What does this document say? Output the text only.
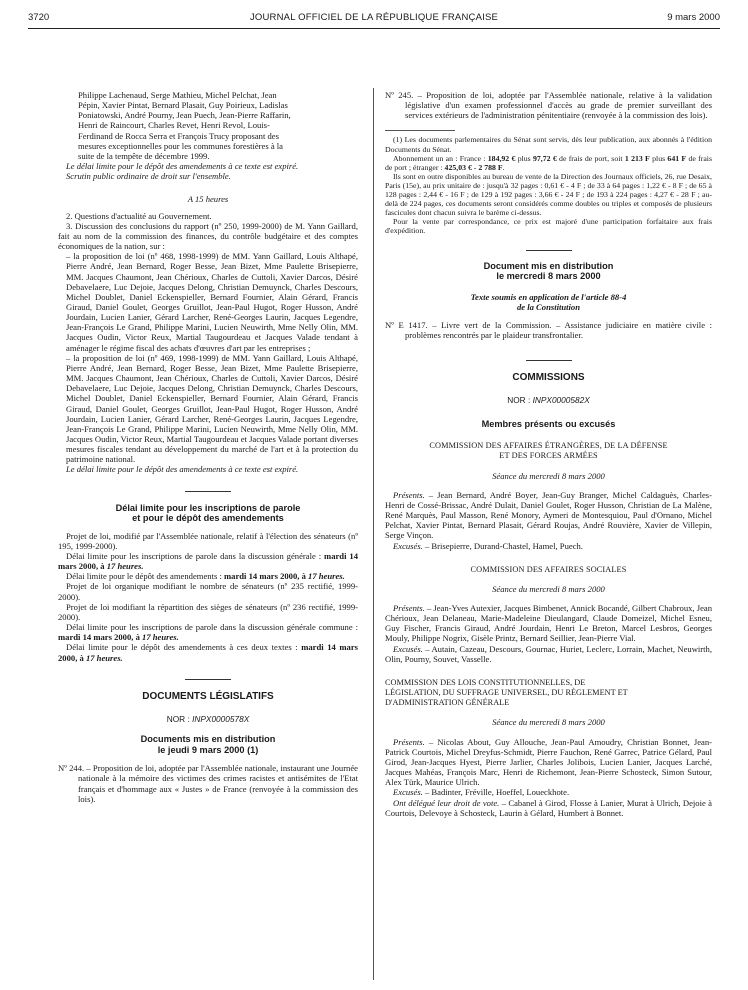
3720	JOURNAL OFFICIEL DE LA RÉPUBLIQUE FRANÇAISE	9 mars 2000
Philippe Lachenaud, Serge Mathieu, Michel Pelchat, Jean
Pépin, Xavier Pintat, Bernard Plasait, Guy Poirieux, Ladislas
Poniatowski, André Pourny, Jean Puech, Jean-Pierre Raffarin,
Henri de Raincourt, Charles Revet, Henri Revol, Louis-
Ferdinand de Rocca Serra et François Trucy proposant des
mesures exceptionnelles pour les communes forestières à la
suite de la tempête de décembre 1999.

Le délai limite pour le dépôt des amendements à ce texte est expiré.

Scrutin public ordinaire de droit sur l'ensemble.

A 15 heures

2. Questions d'actualité au Gouvernement.

3. Discussion des conclusions du rapport (nº 250, 1999-2000) de M. Yann Gaillard, fait au nom de la commission des finances, du contrôle budgétaire et des comptes économiques de la nation, sur :

– la proposition de loi (nº 468, 1998-1999) de MM. Yann Gaillard, Louis Althapé, Pierre André, Jean Bernard, Roger Besse, Jean Bizet, Mme Paulette Brisepierre, MM. Jacques Chaumont, Jean Chérioux, Charles de Cuttoli, Xavier Darcos, Désiré Debavelaere, Luc Dejoie, Jacques Delong, Christian Demuynck, Charles Descours, Michel Doublet, Daniel Eckenspieller, Bernard Fournier, Alain Gérard, Francis Giraud, Daniel Goulet, Georges Gruillot, Jean-Paul Hugot, Roger Husson, André Jourdain, Lucien Lanier, Gérard Larcher, René-Georges Laurin, Jacques Legendre, Jean-François Le Grand, Philippe Marini, Lucien Neuwirth, Mme Nelly Olin, MM. Jacques Oudin, Victor Reux, Martial Taugourdeau et Jacques Valade tendant à aménager le régime fiscal des achats d'œuvres d'art par les entreprises ;

– la proposition de loi (nº 469, 1998-1999) de MM. Yann Gaillard, Louis Althapé, Pierre André, Jean Bernard, Roger Besse, Jean Bizet, Mme Paulette Brisepierre, MM. Jacques Chaumont, Jean Chérioux, Charles de Cuttoli, Xavier Darcos, Désiré Debavelaere, Luc Dejoie, Jacques Delong, Christian Demuynck, Charles Descours, Michel Doublet, Daniel Eckenspieller, Bernard Fournier, Alain Gérard, Francis Giraud, Daniel Goulet, Georges Gruillot, Jean-Paul Hugot, Roger Husson, André Jourdain, Lucien Lanier, Gérard Larcher, René-Georges Laurin, Jacques Legendre, Jean-François Le Grand, Philippe Marini, Lucien Neuwirth, Mme Nelly Olin, MM. Jacques Oudin, Victor Reux, Martial Taugourdeau et Jacques Valade portant diverses mesures fiscales tendant au développement du marché de l'art et à la protection du patrimoine national.

Le délai limite pour le dépôt des amendements à ce texte est expiré.

Délai limite pour les inscriptions de parole

et pour le dépôt des amendements

Projet de loi, modifié par l'Assemblée nationale, relatif à l'élection des sénateurs (nº 195, 1999-2000).

Délai limite pour les inscriptions de parole dans la discussion générale : mardi 14 mars 2000, à 17 heures.

Délai limite pour le dépôt des amendements : mardi 14 mars 2000, à 17 heures.

Projet de loi organique modifiant le nombre de sénateurs (nº 235 rectifié, 1999-2000).

Projet de loi modifiant la répartition des sièges de sénateurs (nº 236 rectifié, 1999-2000).

Délai limite pour les inscriptions de parole dans la discussion générale commune : mardi 14 mars 2000, à 17 heures.

Délai limite pour le dépôt des amendements à ces deux textes : mardi 14 mars 2000, à 17 heures.

DOCUMENTS LÉGISLATIFS

NOR : INPX0000578X

Documents mis en distribution

le jeudi 9 mars 2000 (1)

Nº 244. – Proposition de loi, adoptée par l'Assemblée nationale, instaurant une Journée nationale à la mémoire des victimes des crimes racistes et antisémites de l'Etat français et d'hommage aux « Justes » de France (renvoyée à la commission des lois).

Nº 245. – Proposition de loi, adoptée par l'Assemblée nationale, relative à la validation législative d'un examen professionnel d'accès au grade de premier surveillant des services extérieurs de l'administration pénitentiaire (renvoyée à la commission des lois).

(1) Les documents parlementaires du Sénat sont servis, dès leur publication, aux abonnés à l'édition Documents du Sénat.

Abonnement un an : France : 184,92 € plus 97,72 € de frais de port, soit 1 213 F plus 641 F de frais de port ; étranger : 425,03 € - 2 788 F.

Ils sont en outre disponibles au bureau de vente de la Direction des Journaux officiels, 26, rue Desaix, Paris (15e), au prix unitaire de : jusqu'à 32 pages : 0,61 € - 4 F ; de 33 à 64 pages : 1,22 € - 8 F ; de 65 à 128 pages : 2,44 € - 16 F ; de 129 à 192 pages : 3,66 € - 24 F ; de 193 à 224 pages : 4,27 € - 28 F ; au-delà de 224 pages, ces documents seront considérés comme doubles ou triples et composés de plusieurs fascicules dont chacun suivra le barème ci-dessus.

Pour la vente par correspondance, ce prix est majoré d'une participation forfaitaire aux frais d'expédition.

Document mis en distribution

le mercredi 8 mars 2000

Texte soumis en application de l'article 88-4

de la Constitution

Nº E 1417. – Livre vert de la Commission. – Assistance judiciaire en matière civile : problèmes rencontrés par le plaideur transfrontalier.

COMMISSIONS

NOR : INPX0000582X

Membres présents ou excusés

COMMISSION DES AFFAIRES ÉTRANGÈRES, DE LA DÉFENSE

ET DES FORCES ARMÉES

Séance du mercredi 8 mars 2000

Présents. – Jean Bernard, André Boyer, Jean-Guy Branger, Michel Caldaguès, Charles-Henri de Cossé-Brissac, André Dulait, Daniel Goulet, Roger Husson, Christian de La Malène, René Marquès, Paul Masson, René Monory, Aymeri de Montesquiou, Paul d'Ornano, Michel Pelchat, Xavier Pintat, Bernard Plasait, Gérard Roujas, André Rouvière, Xavier de Villepin, Serge Vinçon.

Excusés. – Brisepierre, Durand-Chastel, Hamel, Puech.

COMMISSION DES AFFAIRES SOCIALES

Séance du mercredi 8 mars 2000

Présents. – Jean-Yves Autexier, Jacques Bimbenet, Annick Bocandé, Gilbert Chabroux, Jean Chérioux, Jean Delaneau, Marie-Madeleine Dieulangard, Claude Domeizel, Michel Esneu, Guy Fischer, Francis Giraud, André Jourdain, Henri Le Breton, Marcel Lesbros, Georges Mouly, Philippe Nogrix, Gisèle Printz, Bernard Seillier, Jean-Pierre Vial.

Excusés. – Autain, Cazeau, Descours, Gournac, Huriet, Leclerc, Lorrain, Machet, Neuwirth, Olin, Pourny, Souvet, Vasselle.

COMMISSION DES LOIS CONSTITUTIONNELLES, DE
LÉGISLATION, DU SUFFRAGE UNIVERSEL, DU RÈGLEMENT ET
D'ADMINISTRATION GÉNÉRALE

Séance du mercredi 8 mars 2000

Présents. – Nicolas About, Guy Allouche, Jean-Paul Amoudry, Christian Bonnet, Jean-Patrick Courtois, Michel Dreyfus-Schmidt, Pierre Fauchon, René Garrec, Patrice Gélard, Paul Girod, Jean-Jacques Hyest, Pierre Jarlier, Charles Jolibois, Lucien Lanier, Jacques Larché, Jacques Mahéas, François Marc, Henri de Richemont, Jean-Pierre Schosteck, Simon Sutour, Alex Türk, Maurice Ulrich.

Excusés. – Badinter, Fréville, Hoeffel, Loueckhote.

Ont délégué leur droit de vote. – Cabanel à Girod, Flosse à Lanier, Murat à Ulrich, Dejoie à Courtois, Delevoye à Schosteck, Laurin à Gélard, Humbert à Bonnet.
